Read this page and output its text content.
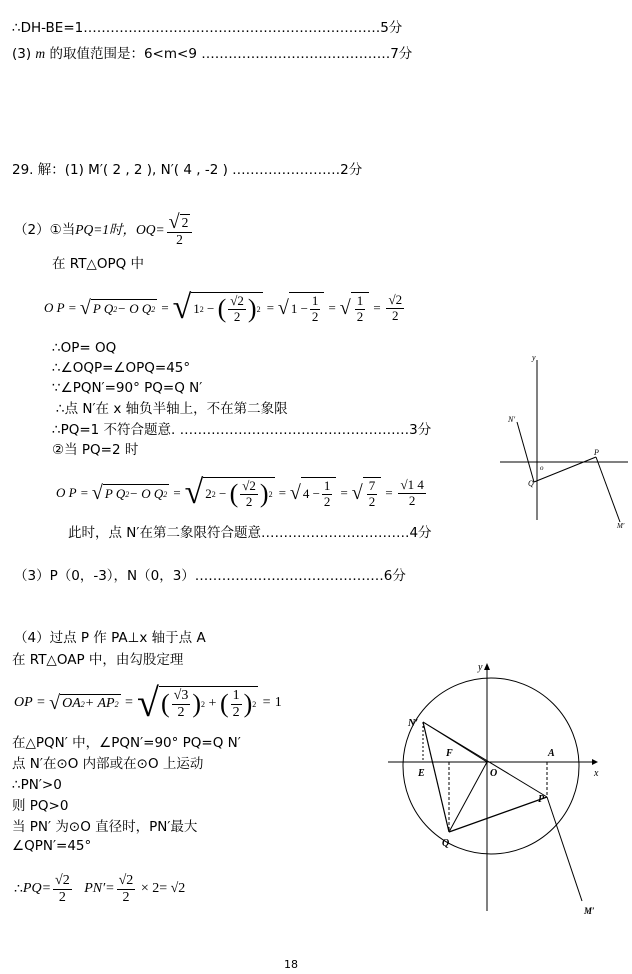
∴DH-BE=1…………………………………………………………5分
(3) m 的取值范围是：6<m<9 ……………………………………7分
29. 解：(1) M′( 2 , 2 ), N′( 4 , -2 ) ……………………2分
（2）①当 PQ=1时，$OQ= \frac{√ 2}{2}$
在 RT△OPQ 中
O P = √ P Q 2 − O Q 2 = √ 1 2 − ( $\frac{√2}{2}$ ) 2 = √ $1 - \frac{1}{2}$ = √ $\frac{1}{2} = \frac{√2}{2}$
∴OP= OQ
∴∠OQP=∠OPQ=45°
∵∠PQN′=90° PQ=Q N′
∴点 N′在 x 轴负半轴上，不在第二象限
∴PQ=1 不符合题意. ……………………………………………3分
②当 PQ=2 时
O P = √ P Q 2 − O Q 2 = √ 2 2 − ( $\frac{√2}{2}$ ) 2 = √ $4 - \frac{1}{2}$ = √ $\frac{7}{2} = \frac{√1 4}{2}$
此时，点 N′在第二象限符合题意……………………………4分
（3）P（0，-3），N（0，3）……………………………………6分
（4）过点 P 作 PA⊥x 轴于点 A
在 RT△OAP 中，由勾股定理
OP = √ OA 2 + AP 2 = √ ( $\frac{√3}{2}$ ) 2 + ( $\frac{1}{2}$ ) 2 = 1
在△PQN′ 中，∠PQN′=90° PQ=Q N′
点 N′在⊙O 内部或在⊙O 上运动
∴PN′>0
则 PQ>0
当 PN′ 为⊙O 直径时，PN′最大
∠QPN′=45°
∴ $PQ= \frac{√2}{2}$
$PN'= \frac{√2}{2} \times 2= √2$
y
N′
o
P
Q
M′
y
N′
F	A
E	O	x
P
Q
M′
18
